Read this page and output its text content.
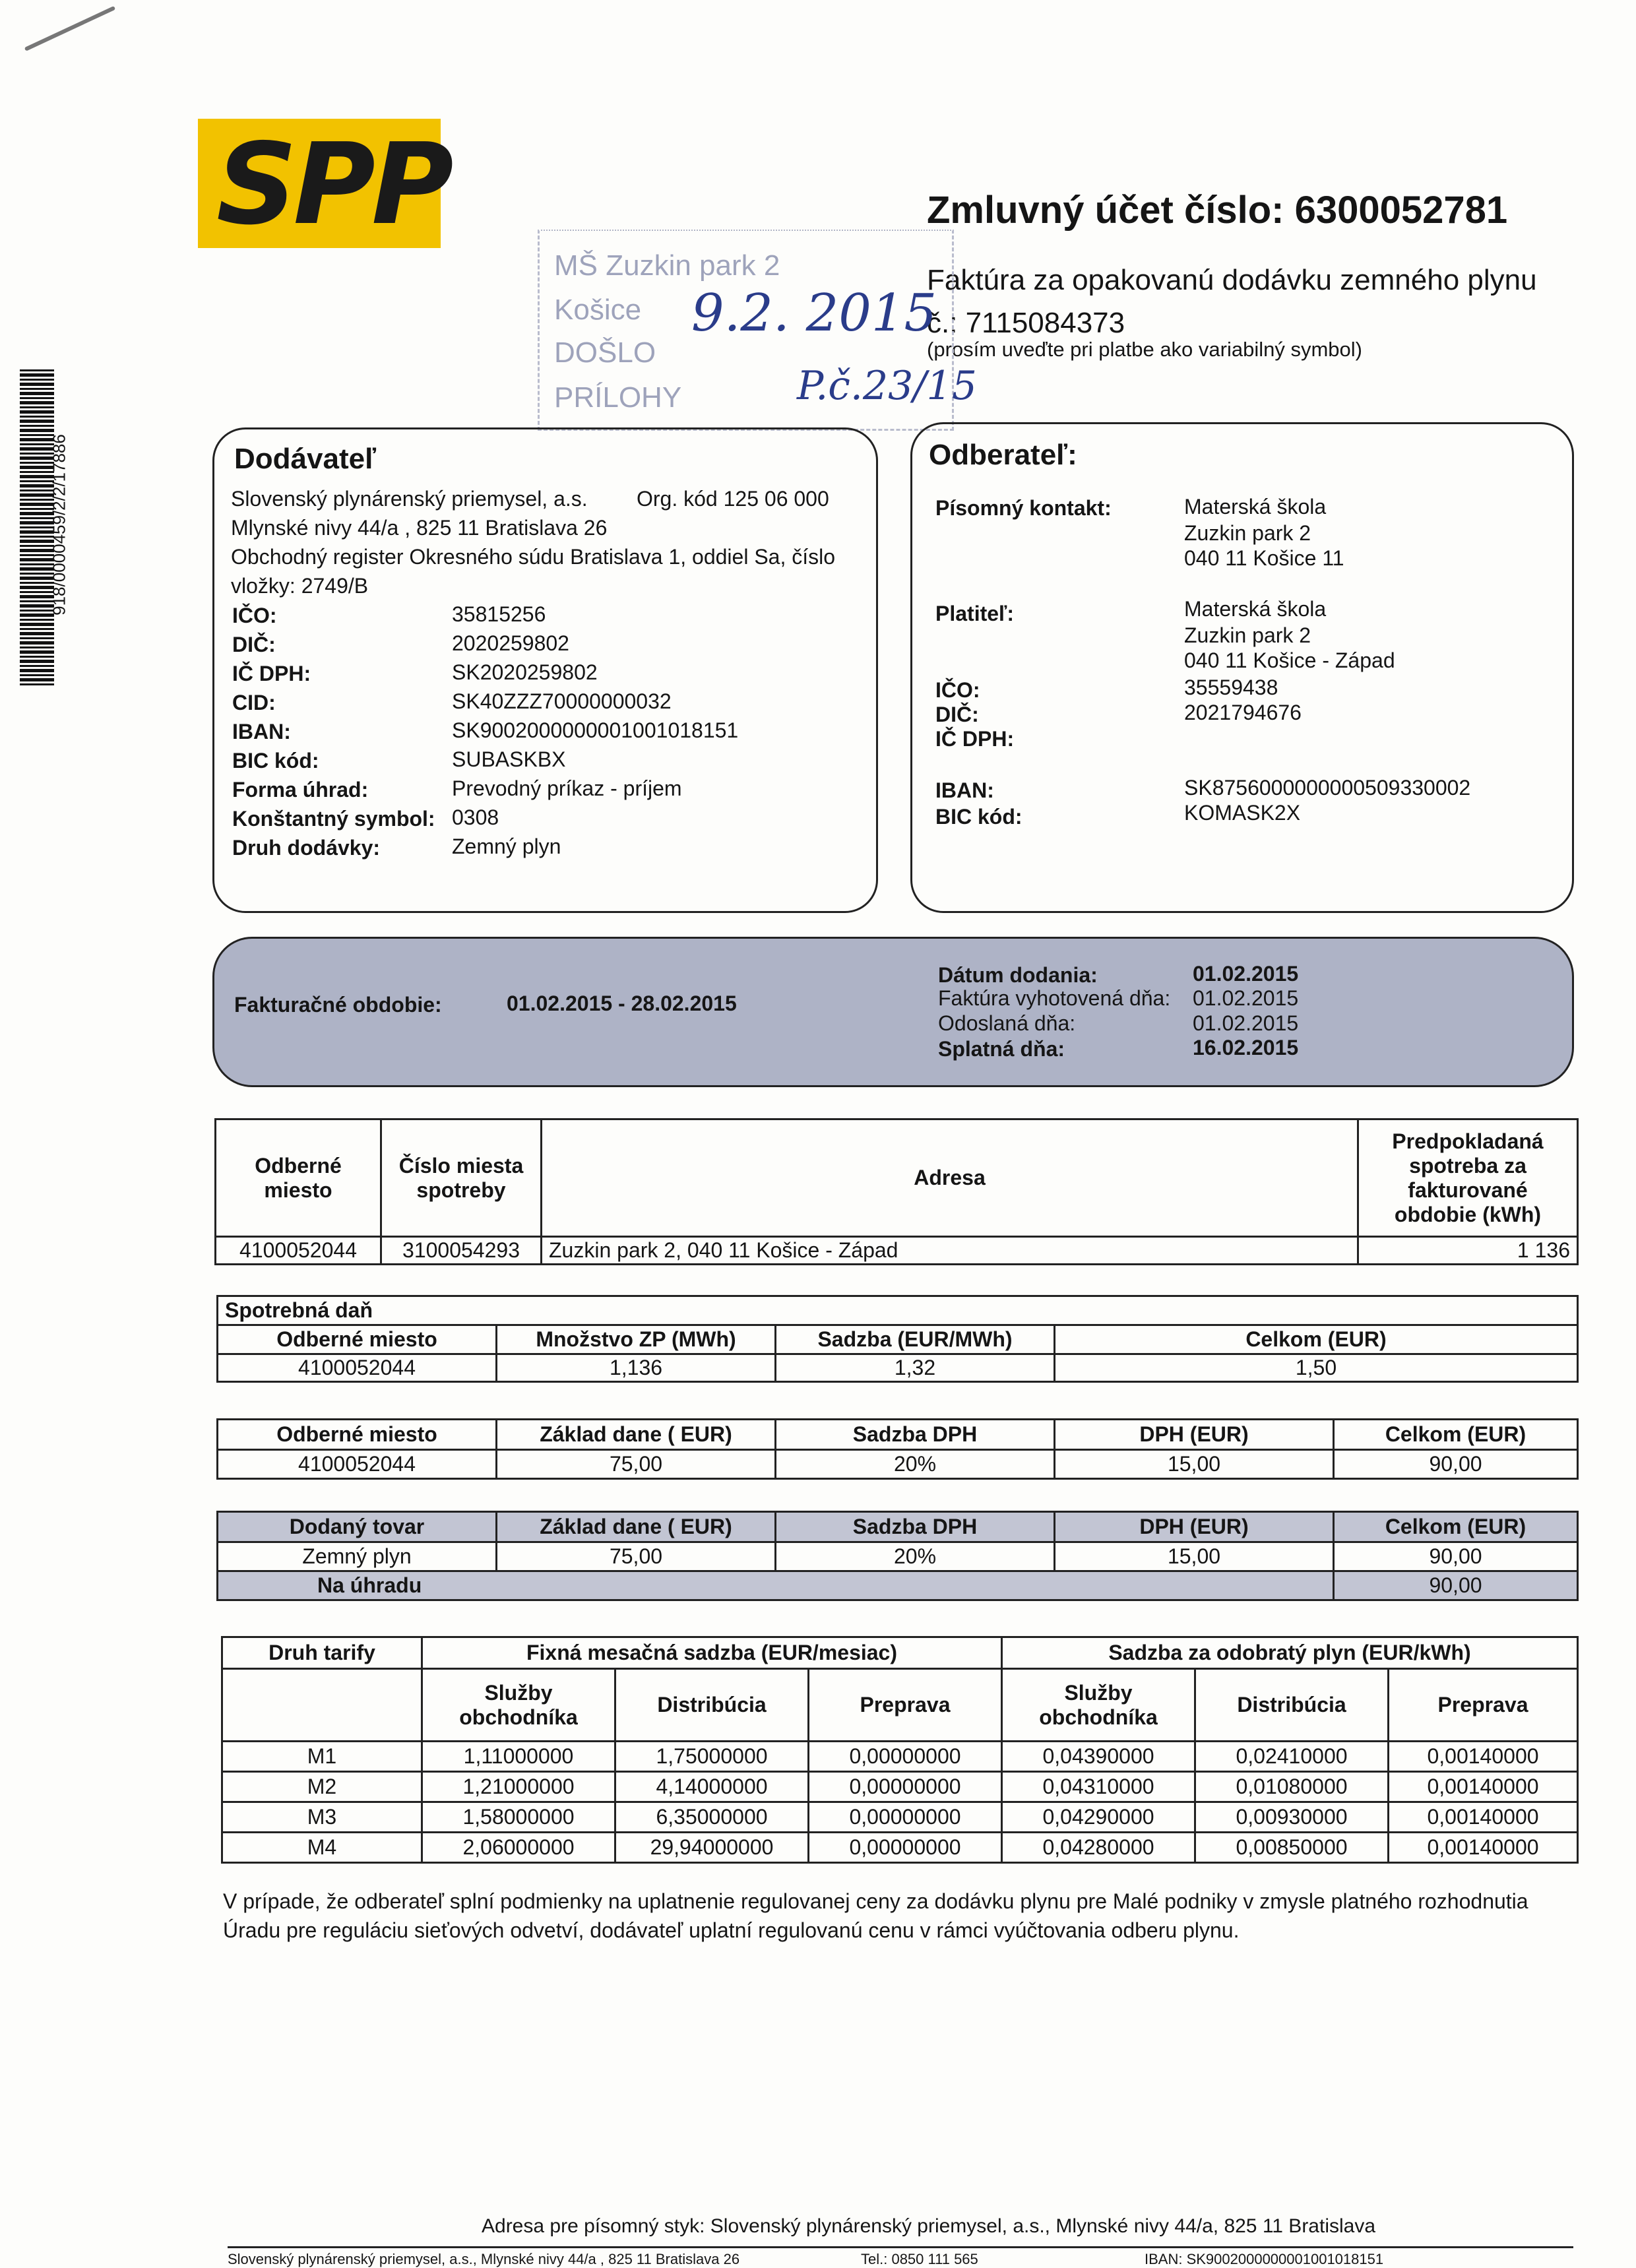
SPP
918/0000459/2/2/17886
Zmluvný účet číslo: 6300052781
Faktúra za opakovanú dodávku zemného plynu
č.: 7115084373
(prosím uveďte pri platbe ako variabilný symbol)
MŠ Zuzkin park 2
Košice
DOŠLO
PRÍLOHY
9.2. 2015
P.č.23/15
Dodávateľ
Slovenský plynárenský priemysel, a.s. Org. kód 125 06 000
Mlynské nivy 44/a , 825 11 Bratislava 26
Obchodný register Okresného súdu Bratislava 1, oddiel Sa, číslo
vložky: 2749/B
IČO:	35815256
DIČ:	2020259802
IČ DPH:	SK2020259802
CID:	SK40ZZZ70000000032
IBAN:	SK9002000000001001018151
BIC kód:	SUBASKBX
Forma úhrad:	Prevodný príkaz - príjem
Konštantný symbol: 0308
Druh dodávky:	Zemný plyn
Odberateľ:
Písomný kontakt:	Materská škola
Zuzkin park 2
040 11 Košice 11
Platiteľ:	Materská škola
Zuzkin park 2
040 11 Košice - Západ
IČO:	35559438
DIČ:	2021794676
IČ DPH:
IBAN:	SK8756000000000509330002
BIC kód:	KOMASK2X
Fakturačné obdobie:	01.02.2015 - 28.02.2015
Dátum dodania:	01.02.2015
Faktúra vyhotovená dňa: 01.02.2015
Odoslaná dňa:	01.02.2015
Splatná dňa:	16.02.2015
Odberné miesto	Číslo miesta spotreby	Adresa	Predpokladaná spotreba za fakturované obdobie (kWh)
4100052044	3100054293	Zuzkin park 2, 040 11 Košice - Západ	1 136
Spotrebná daň			
Odberné miesto	Množstvo ZP (MWh)	Sadzba (EUR/MWh)	Celkom (EUR)
4100052044	1,136	1,32	1,50
Odberné miesto	Základ dane ( EUR)	Sadzba DPH	DPH (EUR)	Celkom (EUR)
4100052044	75,00	20%	15,00	90,00
Dodaný tovar	Základ dane ( EUR)	Sadzba DPH	DPH (EUR)	Celkom (EUR)
Zemný plyn	75,00	20%	15,00	90,00
Na úhradu				90,00
Druh tarify	Fixná mesačná sadzba (EUR/mesiac)			Sadzba za odobratý plyn (EUR/kWh)		
	Služby obchodníka	Distribúcia	Preprava	Služby obchodníka	Distribúcia	Preprava
M1	1,11000000	1,75000000	0,00000000	0,04390000	0,02410000	0,00140000
M2	1,21000000	4,14000000	0,00000000	0,04310000	0,01080000	0,00140000
M3	1,58000000	6,35000000	0,00000000	0,04290000	0,00930000	0,00140000
M4	2,06000000	29,94000000	0,00000000	0,04280000	0,00850000	0,00140000
V prípade, že odberateľ splní podmienky na uplatnenie regulovanej ceny za dodávku plynu pre Malé podniky v zmysle platného rozhodnutia Úradu pre reguláciu sieťových odvetví, dodávateľ uplatní regulovanú cenu v rámci vyúčtovania odberu plynu.
Adresa pre písomný styk: Slovenský plynárenský priemysel, a.s., Mlynské nivy 44/a, 825 11 Bratislava
Slovenský plynárenský priemysel, a.s., Mlynské nivy 44/a , 825 11 Bratislava 26	Tel.: 0850 111 565	IBAN: SK9002000000001001018151
